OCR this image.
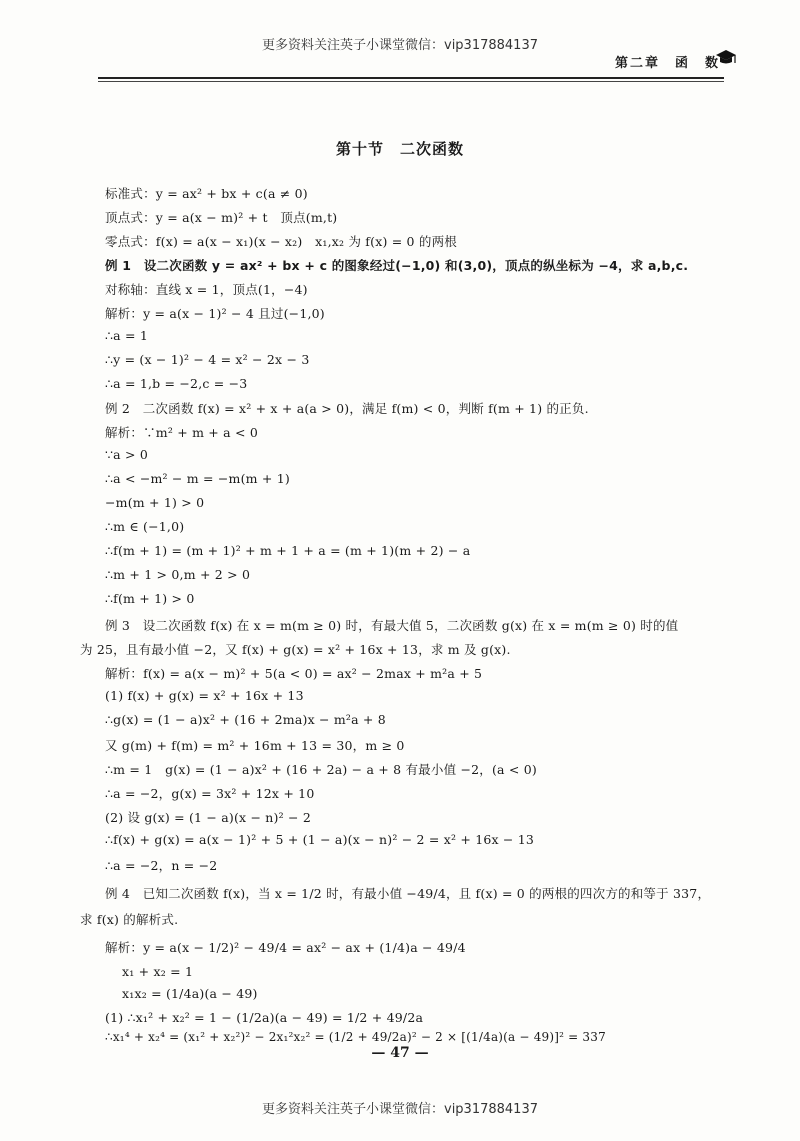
更多资料关注英子小课堂微信：vip317884137
第二章　函　数
第十节　二次函数
标准式：y = ax² + bx + c(a ≠ 0)
顶点式：y = a(x − m)² + t　顶点(m,t)
零点式：f(x) = a(x − x₁)(x − x₂)　x₁,x₂ 为 f(x) = 0 的两根
例 1　设二次函数 y = ax² + bx + c 的图象经过(−1,0) 和(3,0)，顶点的纵坐标为 −4，求 a,b,c.
对称轴：直线 x = 1，顶点(1，−4)
解析：y = a(x − 1)² − 4 且过(−1,0)
∴a = 1
∴y = (x − 1)² − 4 = x² − 2x − 3
∴a = 1,b = −2,c = −3
例 2　二次函数 f(x) = x² + x + a(a > 0)，满足 f(m) < 0，判断 f(m + 1) 的正负.
解析：∵m² + m + a < 0
∵a > 0
∴a < −m² − m = −m(m + 1)
−m(m + 1) > 0
∴m ∈ (−1,0)
∴f(m + 1) = (m + 1)² + m + 1 + a = (m + 1)(m + 2) − a
∴m + 1 > 0,m + 2 > 0
∴f(m + 1) > 0
例 3　设二次函数 f(x) 在 x = m(m ≥ 0) 时，有最大值 5，二次函数 g(x) 在 x = m(m ≥ 0) 时的值
为 25，且有最小值 −2，又 f(x) + g(x) = x² + 16x + 13，求 m 及 g(x).
解析：f(x) = a(x − m)² + 5(a < 0) = ax² − 2max + m²a + 5
(1) f(x) + g(x) = x² + 16x + 13
∴g(x) = (1 − a)x² + (16 + 2ma)x − m²a + 8
又 g(m) + f(m) = m² + 16m + 13 = 30，m ≥ 0
∴m = 1　g(x) = (1 − a)x² + (16 + 2a) − a + 8 有最小值 −2，(a < 0)
∴a = −2，g(x) = 3x² + 12x + 10
(2) 设 g(x) = (1 − a)(x − n)² − 2
∴f(x) + g(x) = a(x − 1)² + 5 + (1 − a)(x − n)² − 2 = x² + 16x − 13
∴a = −2，n = −2
例 4　已知二次函数 f(x)，当 x = 1/2 时，有最小值 −49/4，且 f(x) = 0 的两根的四次方的和等于 337，
求 f(x) 的解析式.
解析：y = a(x − 1/2)² − 49/4 = ax² − ax + (1/4)a − 49/4
x₁ + x₂ = 1
x₁x₂ = (1/4a)(a − 49)
(1) ∴x₁² + x₂² = 1 − (1/2a)(a − 49) = 1/2 + 49/2a
∴x₁⁴ + x₂⁴ = (x₁² + x₂²)² − 2x₁²x₂² = (1/2 + 49/2a)² − 2 × [(1/4a)(a − 49)]² = 337
— 47 —
更多资料关注英子小课堂微信：vip317884137
